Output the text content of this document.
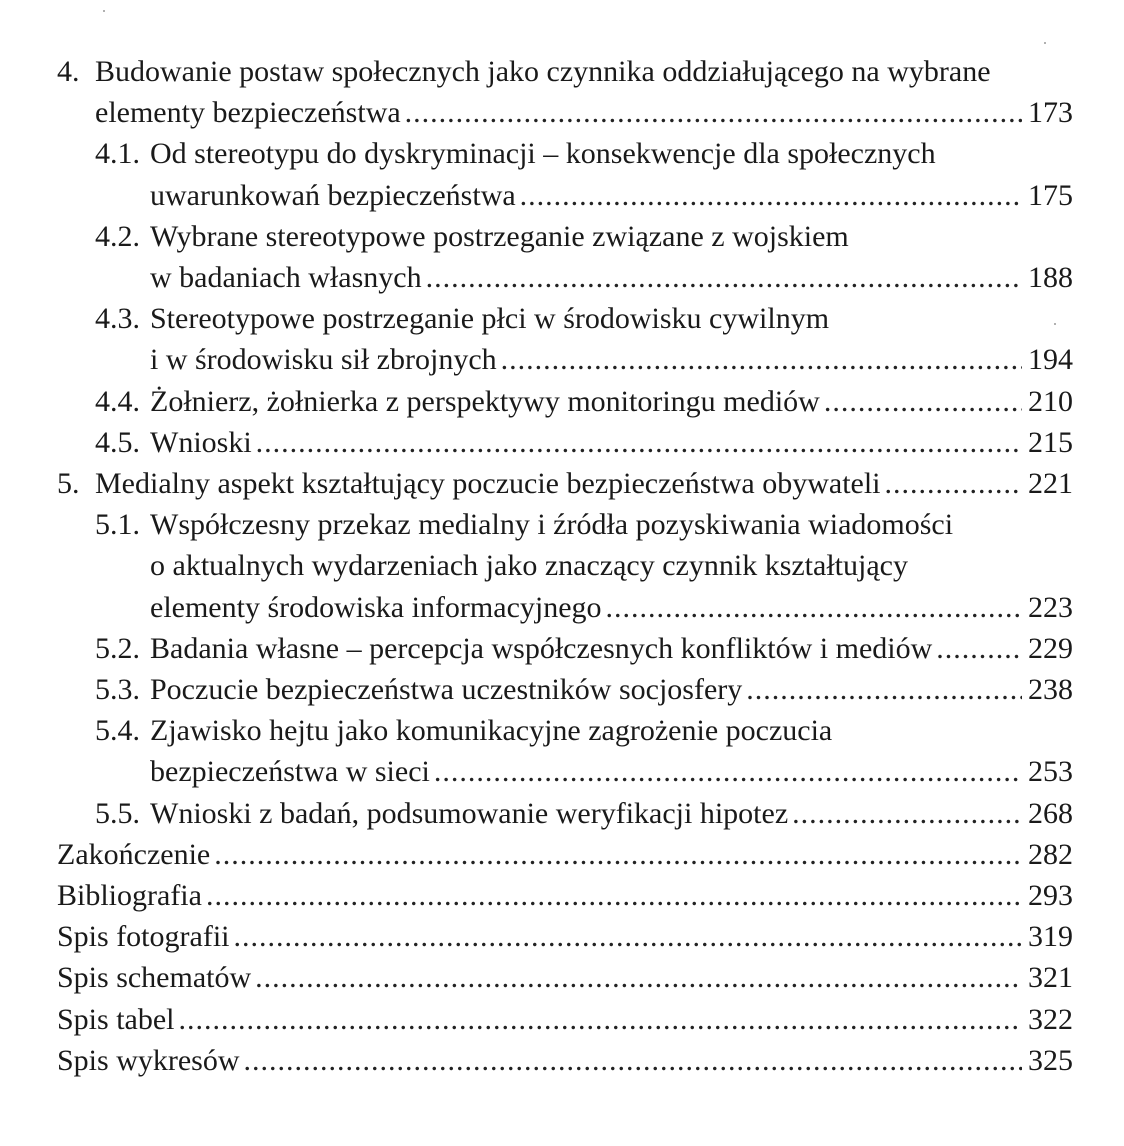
4. Budowanie postaw społecznych jako czynnika oddziałującego na wybrane
elementy bezpieczeństwa .....	173
4.1. Od stereotypu do dyskryminacji – konsekwencje dla społecznych
uwarunkowań bezpieczeństwa .....	175
4.2. Wybrane stereotypowe postrzeganie związane z wojskiem
w badaniach własnych .....	188
4.3. Stereotypowe postrzeganie płci w środowisku cywilnym
i w środowisku sił zbrojnych .....	194
4.4. Żołnierz, żołnierka z perspektywy monitoringu mediów .....	210
4.5. Wnioski .....	215
5. Medialny aspekt kształtujący poczucie bezpieczeństwa obywateli .....	221
5.1. Współczesny przekaz medialny i źródła pozyskiwania wiadomości
o aktualnych wydarzeniach jako znaczący czynnik kształtujący
elementy środowiska informacyjnego .....	223
5.2. Badania własne – percepcja współczesnych konfliktów i mediów .....	229
5.3. Poczucie bezpieczeństwa uczestników socjosfery .....	238
5.4. Zjawisko hejtu jako komunikacyjne zagrożenie poczucia
bezpieczeństwa w sieci .....	253
5.5. Wnioski z badań, podsumowanie weryfikacji hipotez .....	268
Zakończenie .....	282
Bibliografia .....	293
Spis fotografii .....	319
Spis schematów .....	321
Spis tabel .....	322
Spis wykresów .....	325
